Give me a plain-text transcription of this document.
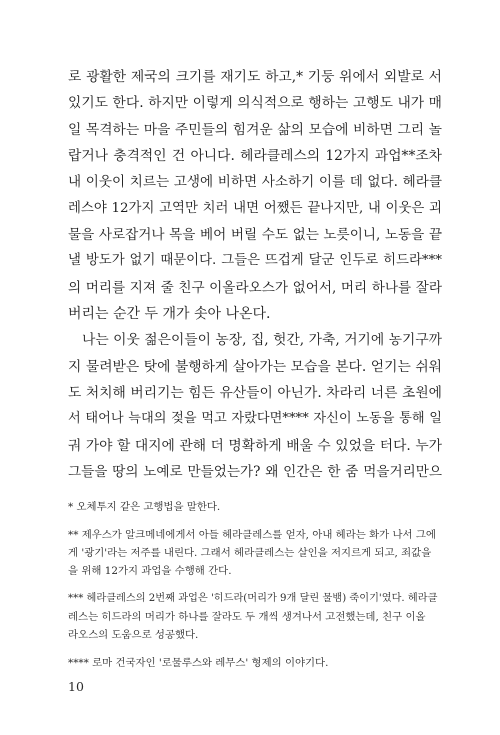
로 광활한 제국의 크기를 재기도 하고,* 기둥 위에서 외발로 서
있기도 한다. 하지만 이렇게 의식적으로 행하는 고행도 내가 매
일 목격하는 마을 주민들의 힘겨운 삶의 모습에 비하면 그리 놀
랍거나 충격적인 건 아니다. 헤라클레스의 12가지 과업**조차
내 이웃이 치르는 고생에 비하면 사소하기 이를 데 없다. 헤라클
레스야 12가지 고역만 치러 내면 어쨌든 끝나지만, 내 이웃은 괴
물을 사로잡거나 목을 베어 버릴 수도 없는 노릇이니, 노동을 끝
낼 방도가 없기 때문이다. 그들은 뜨겁게 달군 인두로 히드라***
의 머리를 지져 줄 친구 이올라오스가 없어서, 머리 하나를 잘라
버리는 순간 두 개가 솟아 나온다.
나는 이웃 젊은이들이 농장, 집, 헛간, 가축, 거기에 농기구까
지 물려받은 탓에 불행하게 살아가는 모습을 본다. 얻기는 쉬워
도 처치해 버리기는 힘든 유산들이 아닌가. 차라리 너른 초원에
서 태어나 늑대의 젖을 먹고 자랐다면**** 자신이 노동을 통해 일
궈 가야 할 대지에 관해 더 명확하게 배울 수 있었을 터다. 누가
그들을 땅의 노예로 만들었는가? 왜 인간은 한 줌 먹을거리만으
* 오체투지 같은 고행법을 말한다.
** 제우스가 알크메네에게서 아들 헤라클레스를 얻자, 아내 헤라는 화가 나서 그에
게 '광기'라는 저주를 내린다. 그래서 헤라클레스는 살인을 저지르게 되고, 죄값을
을 위해 12가지 과업을 수행해 간다.
*** 헤라클레스의 2번째 과업은 '히드라(머리가 9개 달린 물뱀) 죽이기'였다. 헤라클
레스는 히드라의 머리가 하나를 잘라도 두 개씩 생겨나서 고전했는데, 친구 이올
라오스의 도움으로 성공했다.
**** 로마 건국자인 '로물루스와 레무스' 형제의 이야기다.
10
